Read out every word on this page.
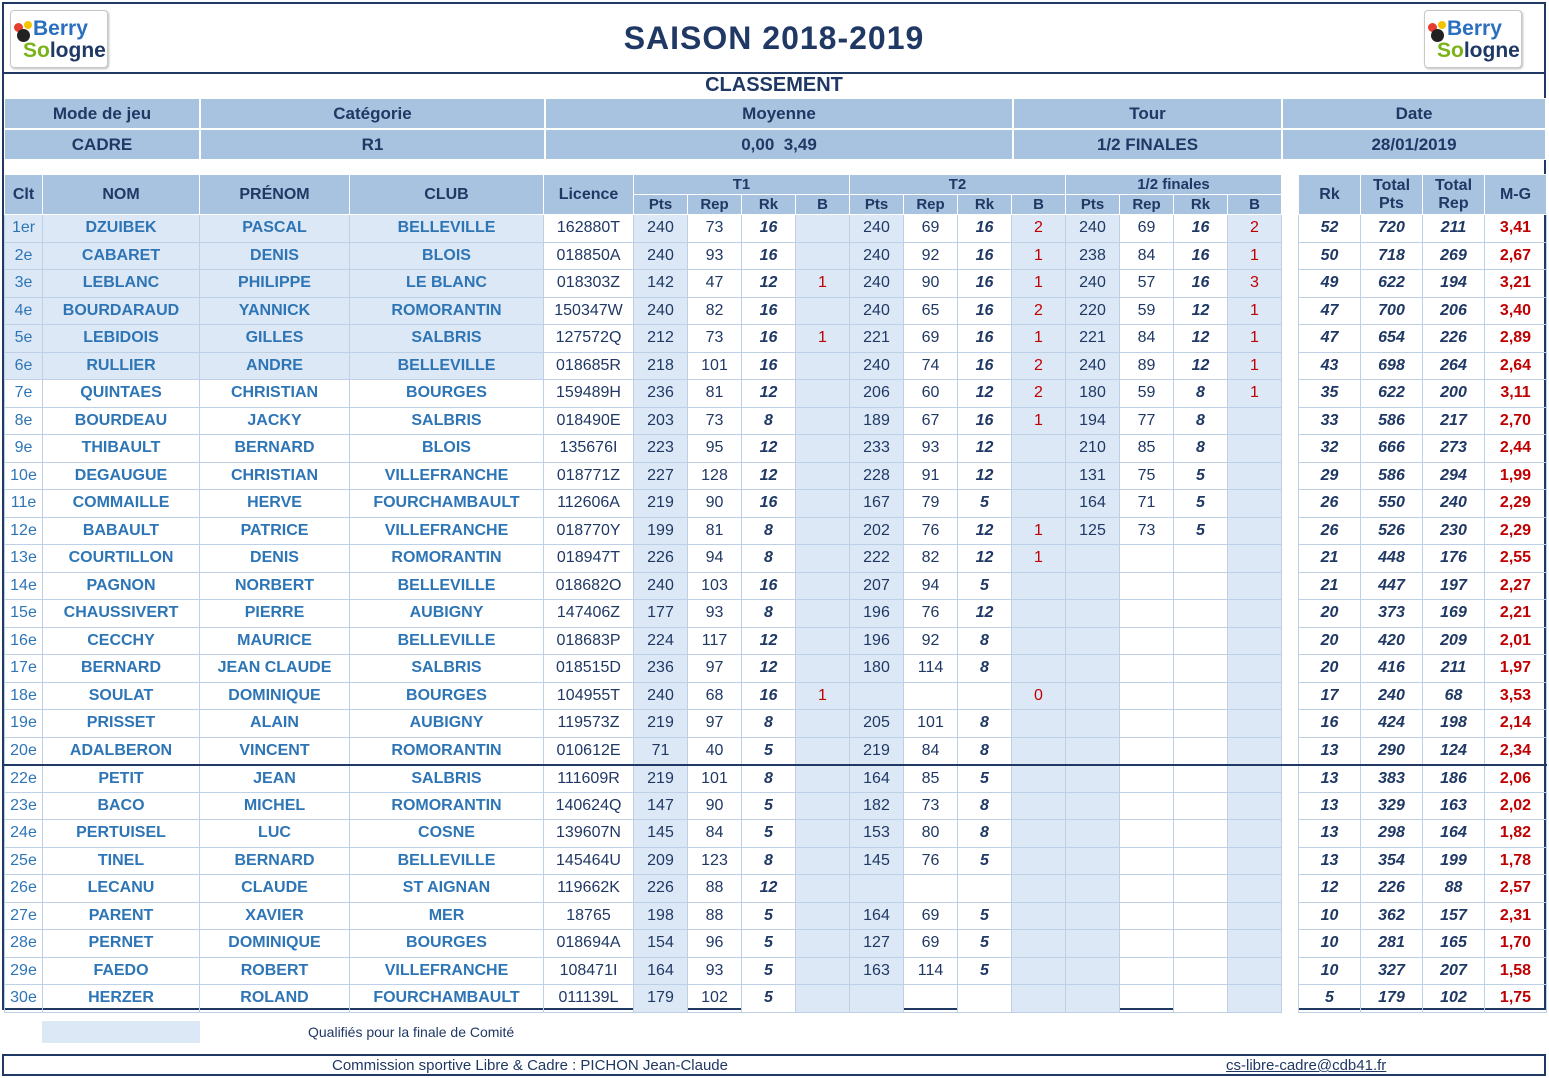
Berry
Sologne	SAISON 2018-2019	Berry
Sologne
CLASSEMENT
Mode de jeu	Catégorie	Moyenne	Tour	Date
CADRE	R1	0,00  3,49	1/2 FINALES	28/01/2019
Clt	NOM	PRÉNOM	CLUB	Licence	T1				T2				1/2 finales					Rk	Total Pts	Total Rep	M-G
					Pts	Rep	Rk	B	Pts	Rep	Rk	B	Pts	Rep	Rk	B					
1er	DZUIBEK	PASCAL	BELLEVILLE	162880T	240	73	16		240	69	16	2	240	69	16	2		52	720	211	3,41
2e	CABARET	DENIS	BLOIS	018850A	240	93	16		240	92	16	1	238	84	16	1		50	718	269	2,67
3e	LEBLANC	PHILIPPE	LE BLANC	018303Z	142	47	12	1	240	90	16	1	240	57	16	3		49	622	194	3,21
4e	BOURDARAUD	YANNICK	ROMORANTIN	150347W	240	82	16		240	65	16	2	220	59	12	1		47	700	206	3,40
5e	LEBIDOIS	GILLES	SALBRIS	127572Q	212	73	16	1	221	69	16	1	221	84	12	1		47	654	226	2,89
6e	RULLIER	ANDRE	BELLEVILLE	018685R	218	101	16		240	74	16	2	240	89	12	1		43	698	264	2,64
7e	QUINTAES	CHRISTIAN	BOURGES	159489H	236	81	12		206	60	12	2	180	59	8	1		35	622	200	3,11
8e	BOURDEAU	JACKY	SALBRIS	018490E	203	73	8		189	67	16	1	194	77	8			33	586	217	2,70
9e	THIBAULT	BERNARD	BLOIS	135676I	223	95	12		233	93	12		210	85	8			32	666	273	2,44
10e	DEGAUGUE	CHRISTIAN	VILLEFRANCHE	018771Z	227	128	12		228	91	12		131	75	5			29	586	294	1,99
11e	COMMAILLE	HERVE	FOURCHAMBAULT	112606A	219	90	16		167	79	5		164	71	5			26	550	240	2,29
12e	BABAULT	PATRICE	VILLEFRANCHE	018770Y	199	81	8		202	76	12	1	125	73	5			26	526	230	2,29
13e	COURTILLON	DENIS	ROMORANTIN	018947T	226	94	8		222	82	12	1						21	448	176	2,55
14e	PAGNON	NORBERT	BELLEVILLE	018682O	240	103	16		207	94	5							21	447	197	2,27
15e	CHAUSSIVERT	PIERRE	AUBIGNY	147406Z	177	93	8		196	76	12							20	373	169	2,21
16e	CECCHY	MAURICE	BELLEVILLE	018683P	224	117	12		196	92	8							20	420	209	2,01
17e	BERNARD	JEAN CLAUDE	SALBRIS	018515D	236	97	12		180	114	8							20	416	211	1,97
18e	SOULAT	DOMINIQUE	BOURGES	104955T	240	68	16	1				0						17	240	68	3,53
19e	PRISSET	ALAIN	AUBIGNY	119573Z	219	97	8		205	101	8							16	424	198	2,14
20e	ADALBERON	VINCENT	ROMORANTIN	010612E	71	40	5		219	84	8							13	290	124	2,34
22e	PETIT	JEAN	SALBRIS	111609R	219	101	8		164	85	5							13	383	186	2,06
23e	BACO	MICHEL	ROMORANTIN	140624Q	147	90	5		182	73	8							13	329	163	2,02
24e	PERTUISEL	LUC	COSNE	139607N	145	84	5		153	80	8							13	298	164	1,82
25e	TINEL	BERNARD	BELLEVILLE	145464U	209	123	8		145	76	5							13	354	199	1,78
26e	LECANU	CLAUDE	ST AIGNAN	119662K	226	88	12											12	226	88	2,57
27e	PARENT	XAVIER	MER	18765	198	88	5		164	69	5							10	362	157	2,31
28e	PERNET	DOMINIQUE	BOURGES	018694A	154	96	5		127	69	5							10	281	165	1,70
29e	FAEDO	ROBERT	VILLEFRANCHE	108471I	164	93	5		163	114	5							10	327	207	1,58
30e	HERZER	ROLAND	FOURCHAMBAULT	011139L	179	102	5											5	179	102	1,75
Qualifiés pour la finale de Comité
Commission sportive Libre & Cadre : PICHON Jean-Claude	cs-libre-cadre@cdb41.fr
